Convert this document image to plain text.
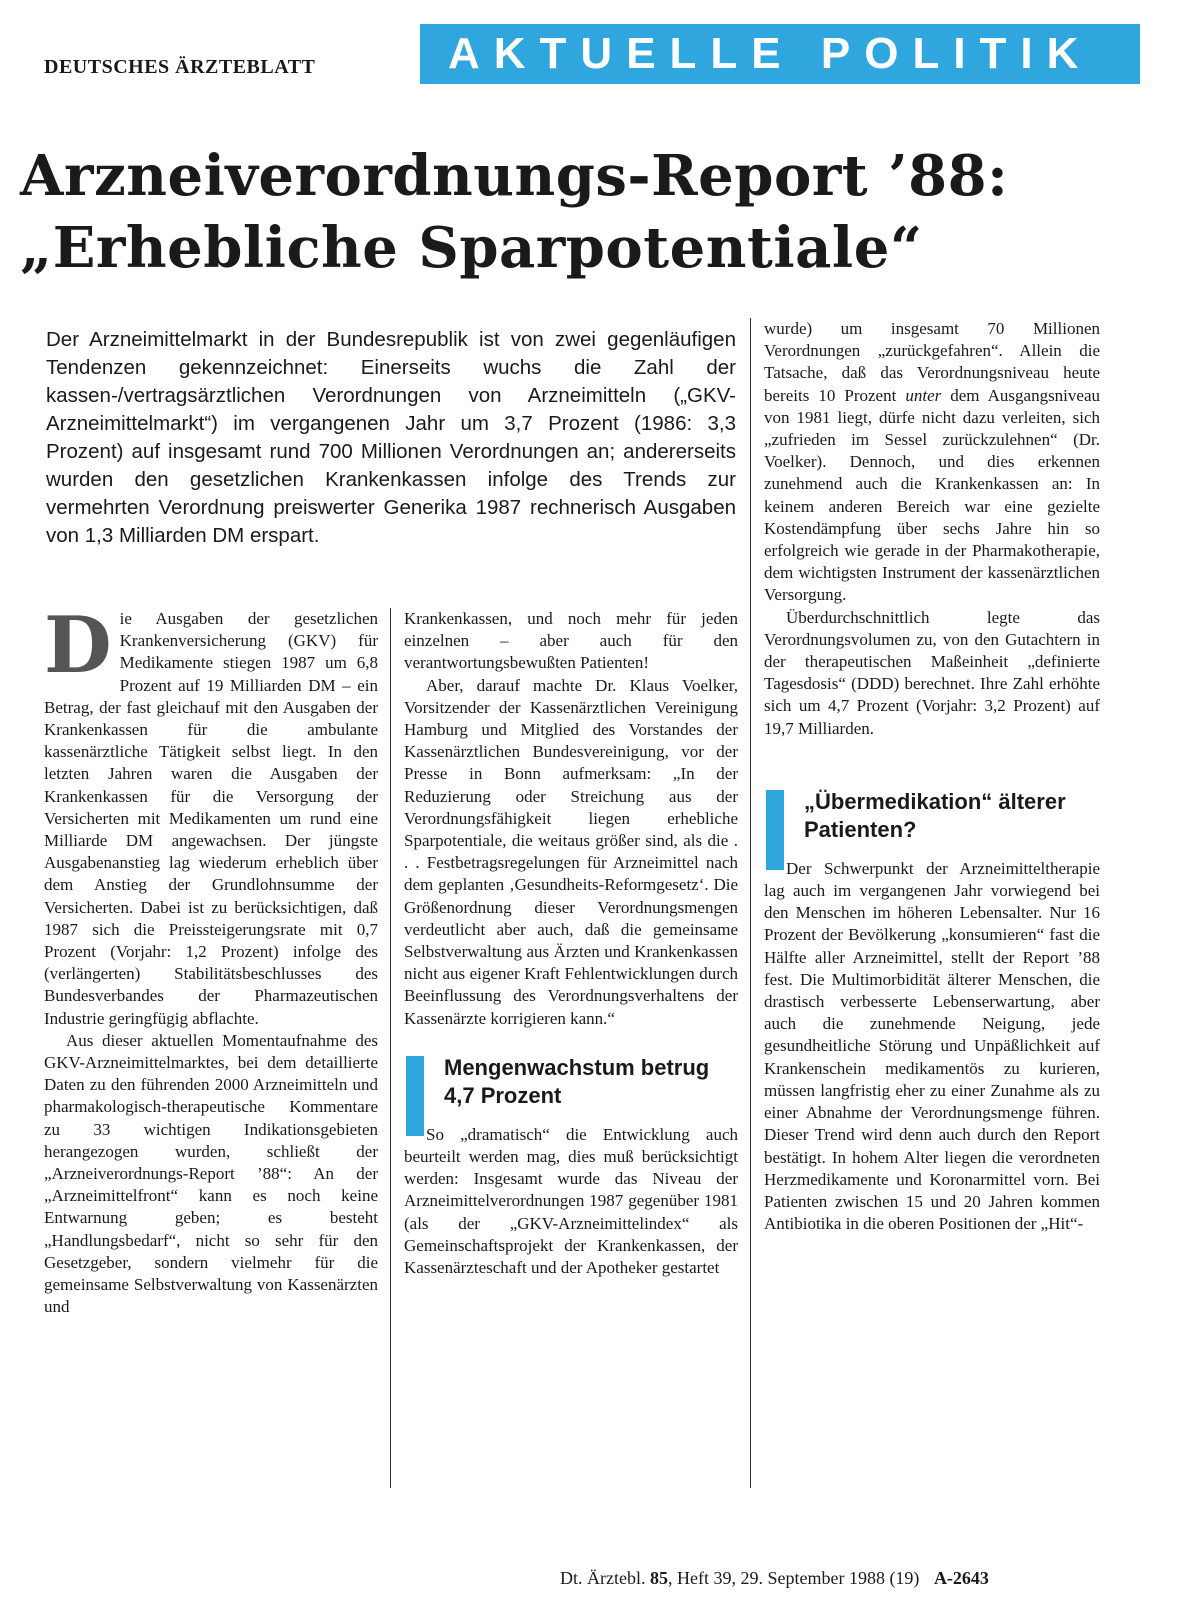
DEUTSCHES ÄRZTEBLATT	AKTUELLE POLITIK
Arzneiverordnungs-Report ’88:
„Erhebliche Sparpotentiale“
Der Arzneimittelmarkt in der Bundesrepublik ist von zwei gegenläufigen Tendenzen gekennzeichnet: Einerseits wuchs die Zahl der kassen-/vertragsärztlichen Verordnungen von Arzneimitteln („GKV-Arzneimittelmarkt“) im vergangenen Jahr um 3,7 Prozent (1986: 3,3 Prozent) auf insgesamt rund 700 Millionen Verordnungen an; andererseits wurden den gesetzlichen Krankenkassen infolge des Trends zur vermehrten Verordnung preiswerter Generika 1987 rechnerisch Ausgaben von 1,3 Milliarden DM erspart.

Die Ausgaben der gesetzlichen Krankenversicherung (GKV) für Medikamente stiegen 1987 um 6,8 Prozent auf 19 Milliarden DM – ein Betrag, der fast gleichauf mit den Ausgaben der Krankenkassen für die ambulante kassenärztliche Tätigkeit selbst liegt. In den letzten Jahren waren die Ausgaben der Krankenkassen für die Versorgung der Versicherten mit Medikamenten um rund eine Milliarde DM angewachsen. Der jüngste Ausgabenanstieg lag wiederum erheblich über dem Anstieg der Grundlohnsumme der Versicherten. Dabei ist zu berücksichtigen, daß 1987 sich die Preissteigerungsrate mit 0,7 Prozent (Vorjahr: 1,2 Prozent) infolge des (verlängerten) Stabilitätsbeschlusses des Bundesverbandes der Pharmazeutischen Industrie geringfügig abflachte.

Aus dieser aktuellen Momentaufnahme des GKV-Arzneimittelmarktes, bei dem detaillierte Daten zu den führenden 2000 Arzneimitteln und pharmakologisch-therapeutische Kommentare zu 33 wichtigen Indikationsgebieten herangezogen wurden, schließt der „Arzneiverordnungs-Report ’88“: An der „Arzneimittelfront“ kann es noch keine Entwarnung geben; es besteht „Handlungsbedarf“, nicht so sehr für den Gesetzgeber, sondern vielmehr für die gemeinsame Selbstverwaltung von Kassenärzten und

Krankenkassen, und noch mehr für jeden einzelnen – aber auch für den verantwortungsbewußten Patienten!

Aber, darauf machte Dr. Klaus Voelker, Vorsitzender der Kassenärztlichen Vereinigung Hamburg und Mitglied des Vorstandes der Kassenärztlichen Bundesvereinigung, vor der Presse in Bonn aufmerksam: „In der Reduzierung oder Streichung aus der Verordnungsfähigkeit liegen erhebliche Sparpotentiale, die weitaus größer sind, als die . . . Festbetragsregelungen für Arzneimittel nach dem geplanten ‚Gesundheits-Reformgesetz‘. Die Größenordnung dieser Verordnungsmengen verdeutlicht aber auch, daß die gemeinsame Selbstverwaltung aus Ärzten und Krankenkassen nicht aus eigener Kraft Fehlentwicklungen durch Beeinflussung des Verordnungsverhaltens der Kassenärzte korrigieren kann.“

Mengenwachstum betrug 4,7 Prozent

So „dramatisch“ die Entwicklung auch beurteilt werden mag, dies muß berücksichtigt werden: Insgesamt wurde das Niveau der Arzneimittelverordnungen 1987 gegenüber 1981 (als der „GKV-Arzneimittelindex“ als Gemeinschaftsprojekt der Krankenkassen, der Kassenärzteschaft und der Apotheker gestartet

wurde) um insgesamt 70 Millionen Verordnungen „zurückgefahren“. Allein die Tatsache, daß das Verordnungsniveau heute bereits 10 Prozent unter dem Ausgangsniveau von 1981 liegt, dürfe nicht dazu verleiten, sich „zufrieden im Sessel zurückzulehnen“ (Dr. Voelker). Dennoch, und dies erkennen zunehmend auch die Krankenkassen an: In keinem anderen Bereich war eine gezielte Kostendämpfung über sechs Jahre hin so erfolgreich wie gerade in der Pharmakotherapie, dem wichtigsten Instrument der kassenärztlichen Versorgung.

Überdurchschnittlich legte das Verordnungsvolumen zu, von den Gutachtern in der therapeutischen Maßeinheit „definierte Tagesdosis“ (DDD) berechnet. Ihre Zahl erhöhte sich um 4,7 Prozent (Vorjahr: 3,2 Prozent) auf 19,7 Milliarden.

„Übermedikation“ älterer Patienten?

Der Schwerpunkt der Arzneimitteltherapie lag auch im vergangenen Jahr vorwiegend bei den Menschen im höheren Lebensalter. Nur 16 Prozent der Bevölkerung „konsumieren“ fast die Hälfte aller Arzneimittel, stellt der Report ’88 fest. Die Multimorbidität älterer Menschen, die drastisch verbesserte Lebenserwartung, aber auch die zunehmende Neigung, jede gesundheitliche Störung und Unpäßlichkeit auf Krankenschein medikamentös zu kurieren, müssen langfristig eher zu einer Zunahme als zu einer Abnahme der Verordnungsmenge führen. Dieser Trend wird denn auch durch den Report bestätigt. In hohem Alter liegen die verordneten Herzmedikamente und Koronarmittel vorn. Bei Patienten zwischen 15 und 20 Jahren kommen Antibiotika in die oberen Positionen der „Hit“-

Dt. Ärztebl. 85, Heft 39, 29. September 1988 (19) A-2643
